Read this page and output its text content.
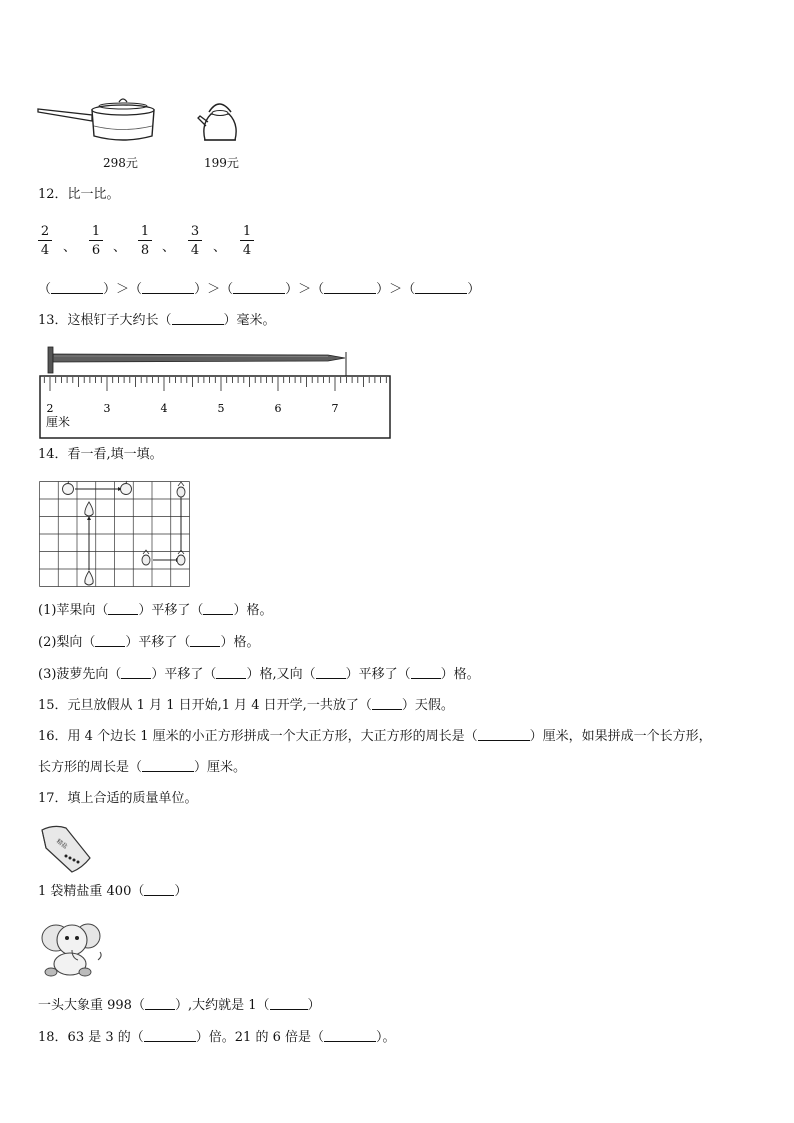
298元	199元
12．比一比。
2
4 、
1
6 、
1
8 、
3
4 、
1
4
（	）＞（	）＞（	）＞（	）＞（	）
13．这根钉子大约长（	）毫米。
2	3	4	5	6	7
厘米
14．看一看,填一填。
(1)苹果向（ ）平移了（ ）格。
(2)梨向（ ）平移了（ ）格。
(3)菠萝先向（ ）平移了（ ）格,又向（ ）平移了（ ）格。
15．元旦放假从 1 月 1 日开始,1 月 4 日开学,一共放了（ ）天假。
16．用 4 个边长 1 厘米的小正方形拼成一个大正方形，大正方形的周长是（	）厘米，如果拼成一个长方形，
长方形的周长是（	）厘米。
17．填上合适的质量单位。
精盐
1 袋精盐重 400（ ）
一头大象重 998（ ）,大约就是 1（	）
18．63 是 3 的（	）倍。21 的 6 倍是（	）。
